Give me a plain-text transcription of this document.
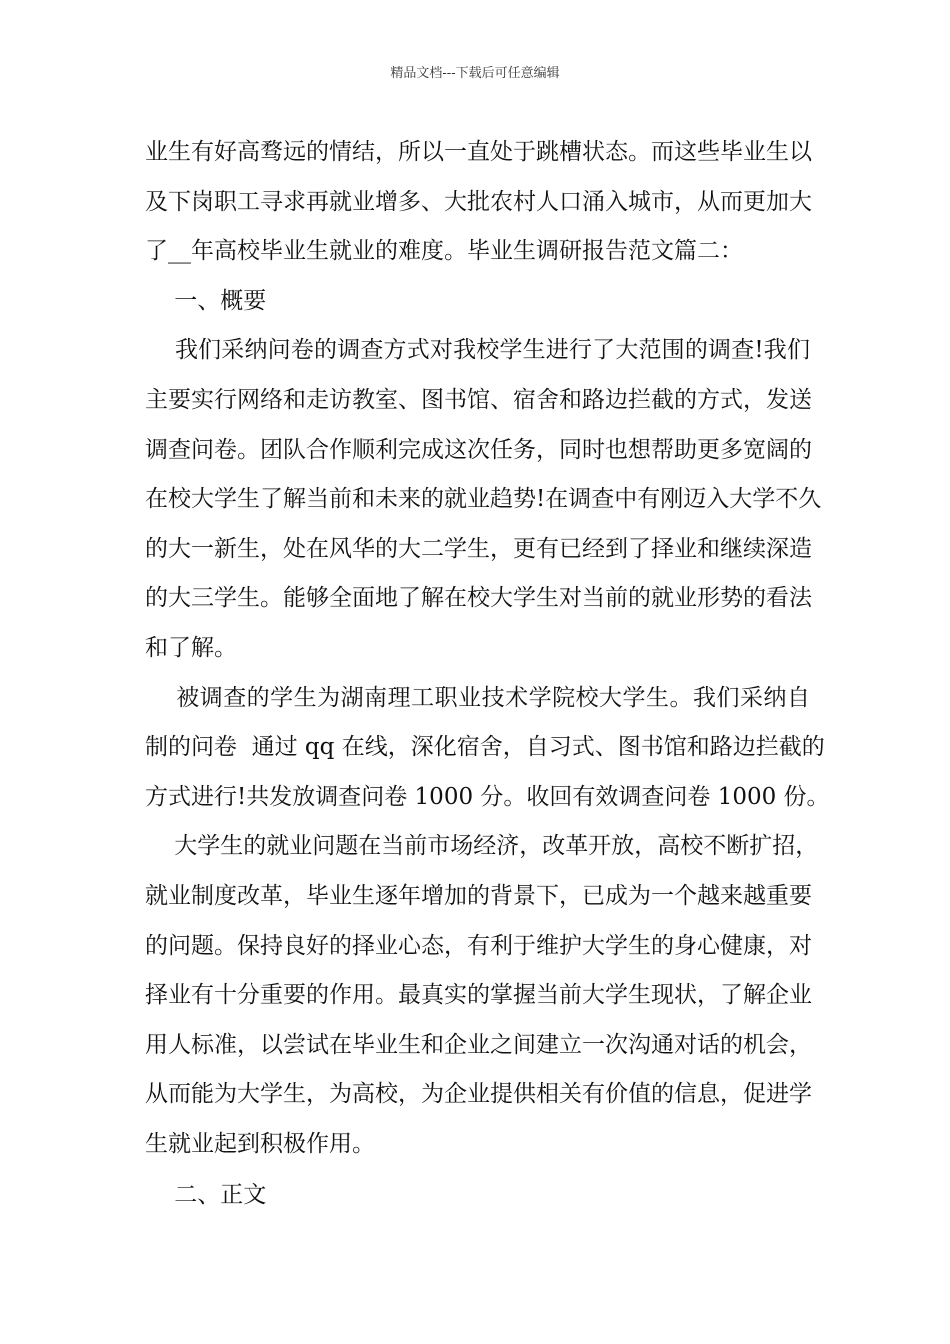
精品文档---下载后可任意编辑
业生有好高骛远的情结，所以一直处于跳槽状态。而这些毕业生以
及下岗职工寻求再就业增多、大批农村人口涌入城市，从而更加大
了__年高校毕业生就业的难度。毕业生调研报告范文篇二：
一、概要
我们采纳问卷的调查方式对我校学生进行了大范围的调查!我们
主要实行网络和走访教室、图书馆、宿舍和路边拦截的方式，发送
调查问卷。团队合作顺利完成这次任务，同时也想帮助更多宽阔的
在校大学生了解当前和未来的就业趋势!在调查中有刚迈入大学不久
的大一新生，处在风华的大二学生，更有已经到了择业和继续深造
的大三学生。能够全面地了解在校大学生对当前的就业形势的看法
和了解。
被调查的学生为湖南理工职业技术学院校大学生。我们采纳自
制的问卷  通过 qq 在线，深化宿舍，自习式、图书馆和路边拦截的
方式进行!共发放调查问卷 1000 分。收回有效调查问卷 1000 份。
大学生的就业问题在当前市场经济，改革开放，高校不断扩招，
就业制度改革，毕业生逐年增加的背景下，已成为一个越来越重要
的问题。保持良好的择业心态，有利于维护大学生的身心健康，对
择业有十分重要的作用。最真实的掌握当前大学生现状，了解企业
用人标准，以尝试在毕业生和企业之间建立一次沟通对话的机会，
从而能为大学生，为高校，为企业提供相关有价值的信息，促进学
生就业起到积极作用。
二、正文
